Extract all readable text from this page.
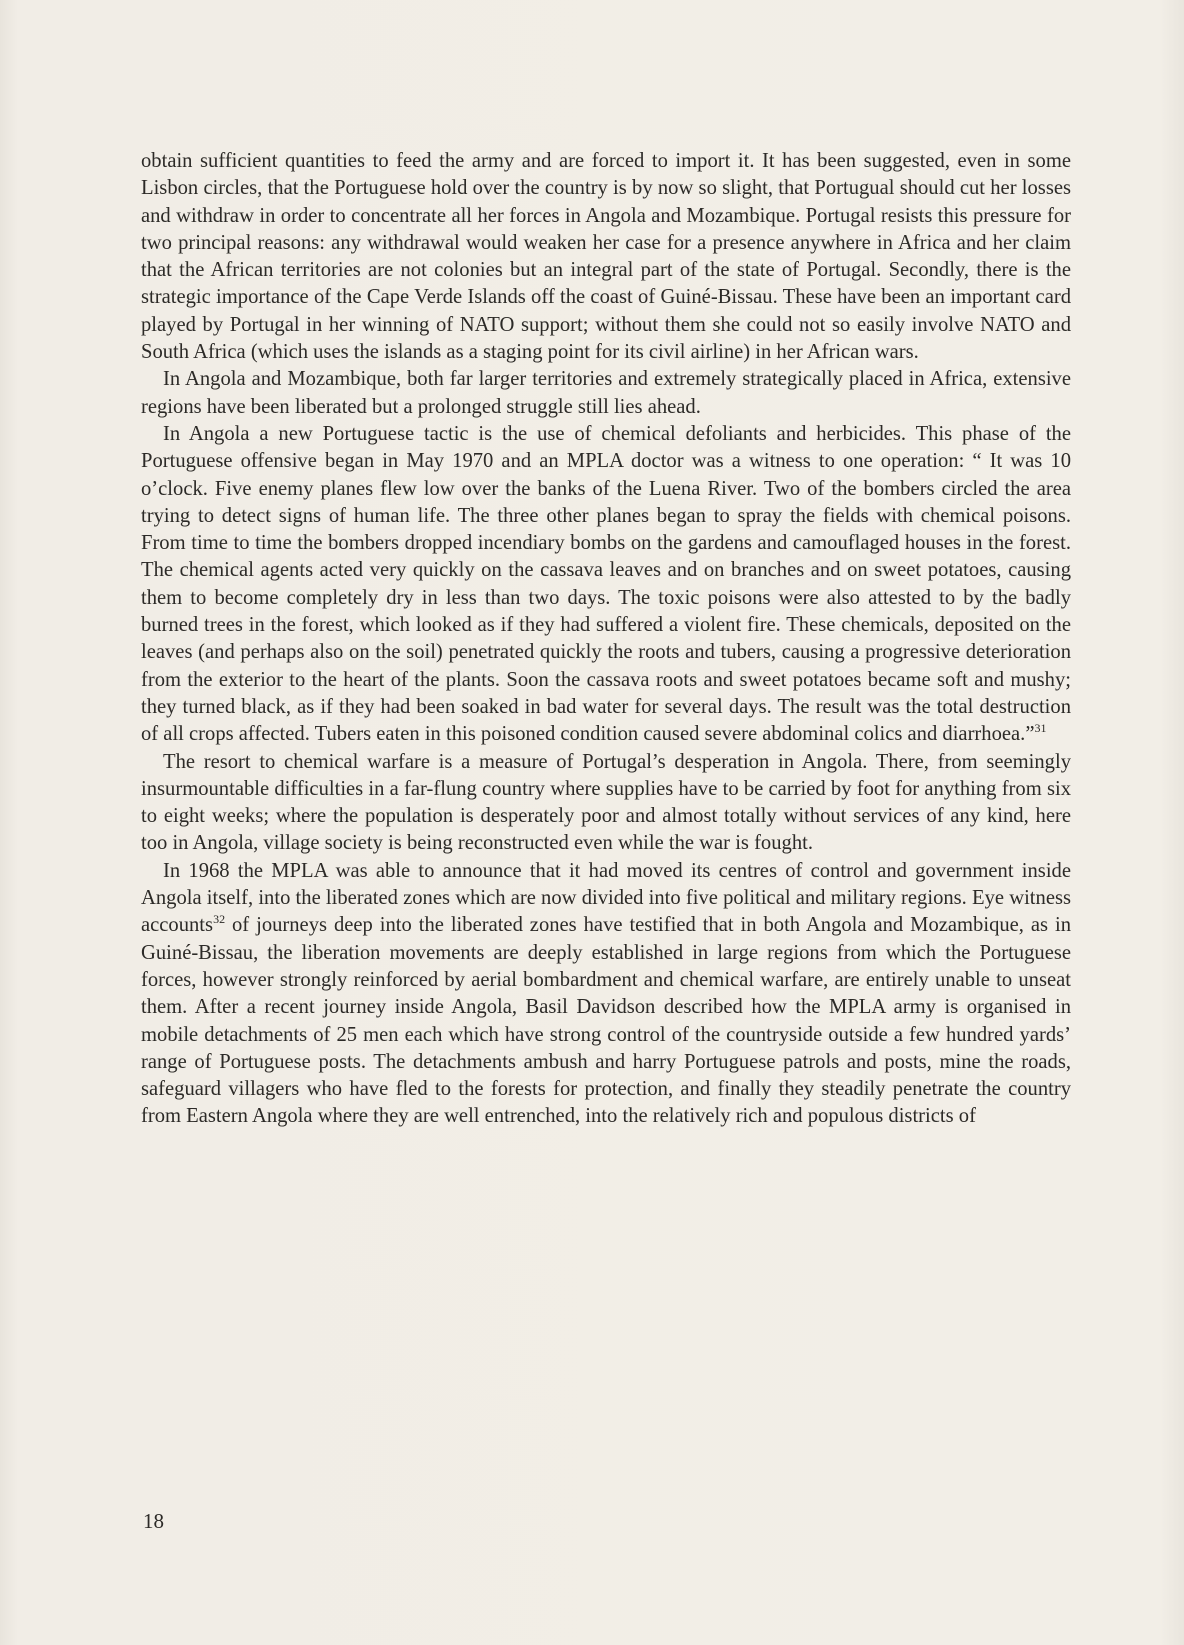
obtain sufficient quantities to feed the army and are forced to import it. It has been suggested, even in some Lisbon circles, that the Portuguese hold over the country is by now so slight, that Portugual should cut her losses and withdraw in order to concentrate all her forces in Angola and Mozambique. Portugal resists this pressure for two principal reasons: any withdrawal would weaken her case for a presence anywhere in Africa and her claim that the African territories are not colonies but an integral part of the state of Portugal. Secondly, there is the strategic importance of the Cape Verde Islands off the coast of Guiné-Bissau. These have been an important card played by Portugal in her winning of NATO support; without them she could not so easily involve NATO and South Africa (which uses the islands as a staging point for its civil airline) in her African wars.

In Angola and Mozambique, both far larger territories and extremely strategically placed in Africa, extensive regions have been liberated but a prolonged struggle still lies ahead.

In Angola a new Portuguese tactic is the use of chemical defoliants and herbicides. This phase of the Portuguese offensive began in May 1970 and an MPLA doctor was a witness to one operation: “ It was 10 o’clock. Five enemy planes flew low over the banks of the Luena River. Two of the bombers circled the area trying to detect signs of human life. The three other planes began to spray the fields with chemical poisons. From time to time the bombers dropped incendiary bombs on the gardens and camouflaged houses in the forest. The chemical agents acted very quickly on the cassava leaves and on branches and on sweet potatoes, causing them to become completely dry in less than two days. The toxic poisons were also attested to by the badly burned trees in the forest, which looked as if they had suffered a violent fire. These chemicals, deposited on the leaves (and perhaps also on the soil) penetrated quickly the roots and tubers, causing a progressive deterioration from the exterior to the heart of the plants. Soon the cassava roots and sweet potatoes became soft and mushy; they turned black, as if they had been soaked in bad water for several days. The result was the total destruction of all crops affected. Tubers eaten in this poisoned condition caused severe abdominal colics and diarrhoea.”$^{31}$

The resort to chemical warfare is a measure of Portugal’s desperation in Angola. There, from seemingly insurmountable difficulties in a far-flung country where supplies have to be carried by foot for anything from six to eight weeks; where the population is desperately poor and almost totally without services of any kind, here too in Angola, village society is being reconstructed even while the war is fought.

In 1968 the MPLA was able to announce that it had moved its centres of control and government inside Angola itself, into the liberated zones which are now divided into five political and military regions. Eye witness accounts$^{32}$ of journeys deep into the liberated zones have testified that in both Angola and Mozambique, as in Guiné-Bissau, the liberation movements are deeply established in large regions from which the Portuguese forces, however strongly reinforced by aerial bombardment and chemical warfare, are entirely unable to unseat them. After a recent journey inside Angola, Basil Davidson described how the MPLA army is organised in mobile detachments of 25 men each which have strong control of the countryside outside a few hundred yards’ range of Portuguese posts. The detachments ambush and harry Portuguese patrols and posts, mine the roads, safeguard villagers who have fled to the forests for protection, and finally they steadily penetrate the country from Eastern Angola where they are well entrenched, into the relatively rich and populous districts of

18
